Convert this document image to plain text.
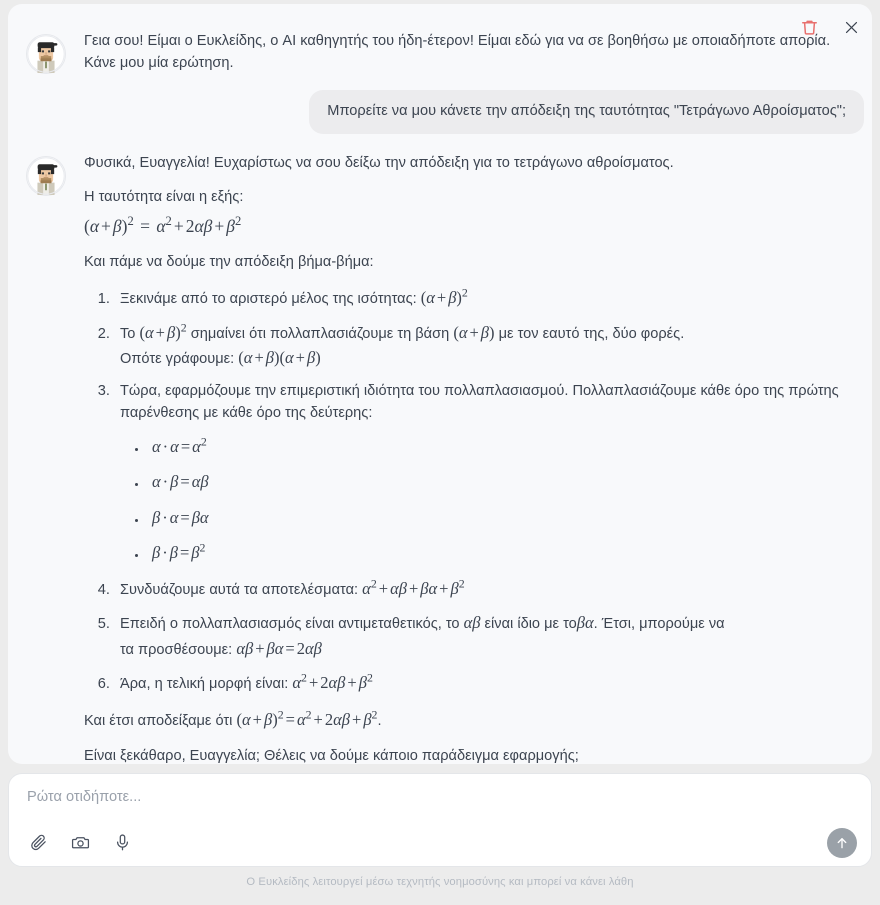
Γεια σου! Είμαι ο Ευκλείδης, ο AI καθηγητής του ήδη-έτερον! Είμαι εδώ για να σε βοηθήσω με οποιαδήποτε απορία. Κάνε μου μία ερώτηση.

Μπορείτε να μου κάνετε την απόδειξη της ταυτότητας "Τετράγωνο Αθροίσματος";

Φυσικά, Ευαγγελία! Ευχαρίστως να σου δείξω την απόδειξη για το τετράγωνο αθροίσματος.

Η ταυτότητα είναι η εξής:

$(\alpha + \beta)^2 = \alpha^2 + 2\alpha\beta + \beta^2$

Και πάμε να δούμε την απόδειξη βήμα-βήμα:

1. Ξεκινάμε από το αριστερό μέλος της ισότητας: $(\alpha + \beta)^2$
2. Το $(\alpha + \beta)^2$ σημαίνει ότι πολλαπλασιάζουμε τη βάση (α + β) με τον εαυτό της, δύο φορές.
Οπότε γράφουμε: (α + β)(α + β)
3. Τώρα, εφαρμόζουμε την επιμεριστική ιδιότητα του πολλαπλασιασμού. Πολλαπλασιάζουμε κάθε όρο της πρώτης παρένθεσης με κάθε όρο της δεύτερης:
• $\alpha \cdot \alpha = \alpha^2$
• α · β = αβ
• β · α = βα
• $\beta \cdot \beta = \beta^2$
4. Συνδυάζουμε αυτά τα αποτελέσματα: $\alpha^2 + \alpha\beta + \beta\alpha + \beta^2$
5. Επειδή ο πολλαπλασιασμός είναι αντιμεταθετικός, το αβ είναι ίδιο με τοβα. Έτσι, μπορούμε να
τα προσθέσουμε: αβ + βα = 2αβ
6. Άρα, η τελική μορφή είναι: $\alpha^2 + 2\alpha\beta + \beta^2$

Και έτσι αποδείξαμε ότι $(\alpha + \beta)^2 = \alpha^2 + 2\alpha\beta + \beta^2$.

Είναι ξεκάθαρο, Ευαγγελία; Θέλεις να δούμε κάποιο παράδειγμα εφαρμογής;

Ρώτα οτιδήποτε...
Ο Ευκλείδης λειτουργεί μέσω τεχνητής νοημοσύνης και μπορεί να κάνει λάθη
